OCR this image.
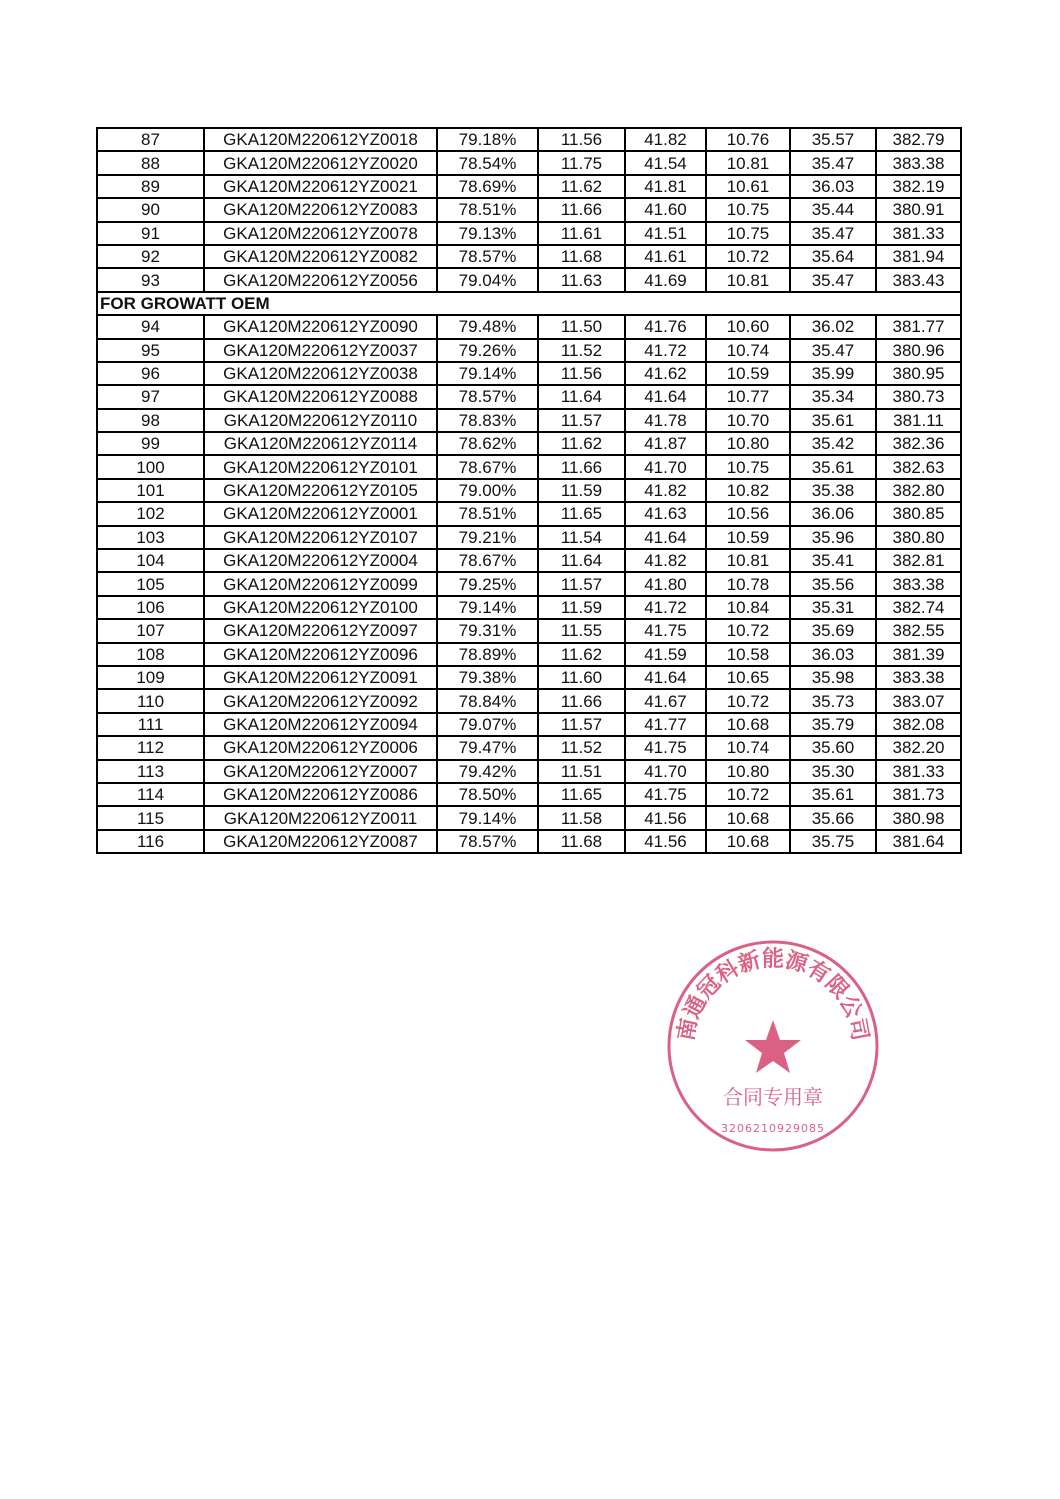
87	GKA120M220612YZ0018	79.18%	11.56	41.82	10.76	35.57	382.79
88	GKA120M220612YZ0020	78.54%	11.75	41.54	10.81	35.47	383.38
89	GKA120M220612YZ0021	78.69%	11.62	41.81	10.61	36.03	382.19
90	GKA120M220612YZ0083	78.51%	11.66	41.60	10.75	35.44	380.91
91	GKA120M220612YZ0078	79.13%	11.61	41.51	10.75	35.47	381.33
92	GKA120M220612YZ0082	78.57%	11.68	41.61	10.72	35.64	381.94
93	GKA120M220612YZ0056	79.04%	11.63	41.69	10.81	35.47	383.43
FOR GROWATT OEM							
94	GKA120M220612YZ0090	79.48%	11.50	41.76	10.60	36.02	381.77
95	GKA120M220612YZ0037	79.26%	11.52	41.72	10.74	35.47	380.96
96	GKA120M220612YZ0038	79.14%	11.56	41.62	10.59	35.99	380.95
97	GKA120M220612YZ0088	78.57%	11.64	41.64	10.77	35.34	380.73
98	GKA120M220612YZ0110	78.83%	11.57	41.78	10.70	35.61	381.11
99	GKA120M220612YZ0114	78.62%	11.62	41.87	10.80	35.42	382.36
100	GKA120M220612YZ0101	78.67%	11.66	41.70	10.75	35.61	382.63
101	GKA120M220612YZ0105	79.00%	11.59	41.82	10.82	35.38	382.80
102	GKA120M220612YZ0001	78.51%	11.65	41.63	10.56	36.06	380.85
103	GKA120M220612YZ0107	79.21%	11.54	41.64	10.59	35.96	380.80
104	GKA120M220612YZ0004	78.67%	11.64	41.82	10.81	35.41	382.81
105	GKA120M220612YZ0099	79.25%	11.57	41.80	10.78	35.56	383.38
106	GKA120M220612YZ0100	79.14%	11.59	41.72	10.84	35.31	382.74
107	GKA120M220612YZ0097	79.31%	11.55	41.75	10.72	35.69	382.55
108	GKA120M220612YZ0096	78.89%	11.62	41.59	10.58	36.03	381.39
109	GKA120M220612YZ0091	79.38%	11.60	41.64	10.65	35.98	383.38
110	GKA120M220612YZ0092	78.84%	11.66	41.67	10.72	35.73	383.07
111	GKA120M220612YZ0094	79.07%	11.57	41.77	10.68	35.79	382.08
112	GKA120M220612YZ0006	79.47%	11.52	41.75	10.74	35.60	382.20
113	GKA120M220612YZ0007	79.42%	11.51	41.70	10.80	35.30	381.33
114	GKA120M220612YZ0086	78.50%	11.65	41.75	10.72	35.61	381.73
115	GKA120M220612YZ0011	79.14%	11.58	41.56	10.68	35.66	380.98
116	GKA120M220612YZ0087	78.57%	11.68	41.56	10.68	35.75	381.64
南通冠科新能源有限公司
合同专用章
3206210929085
